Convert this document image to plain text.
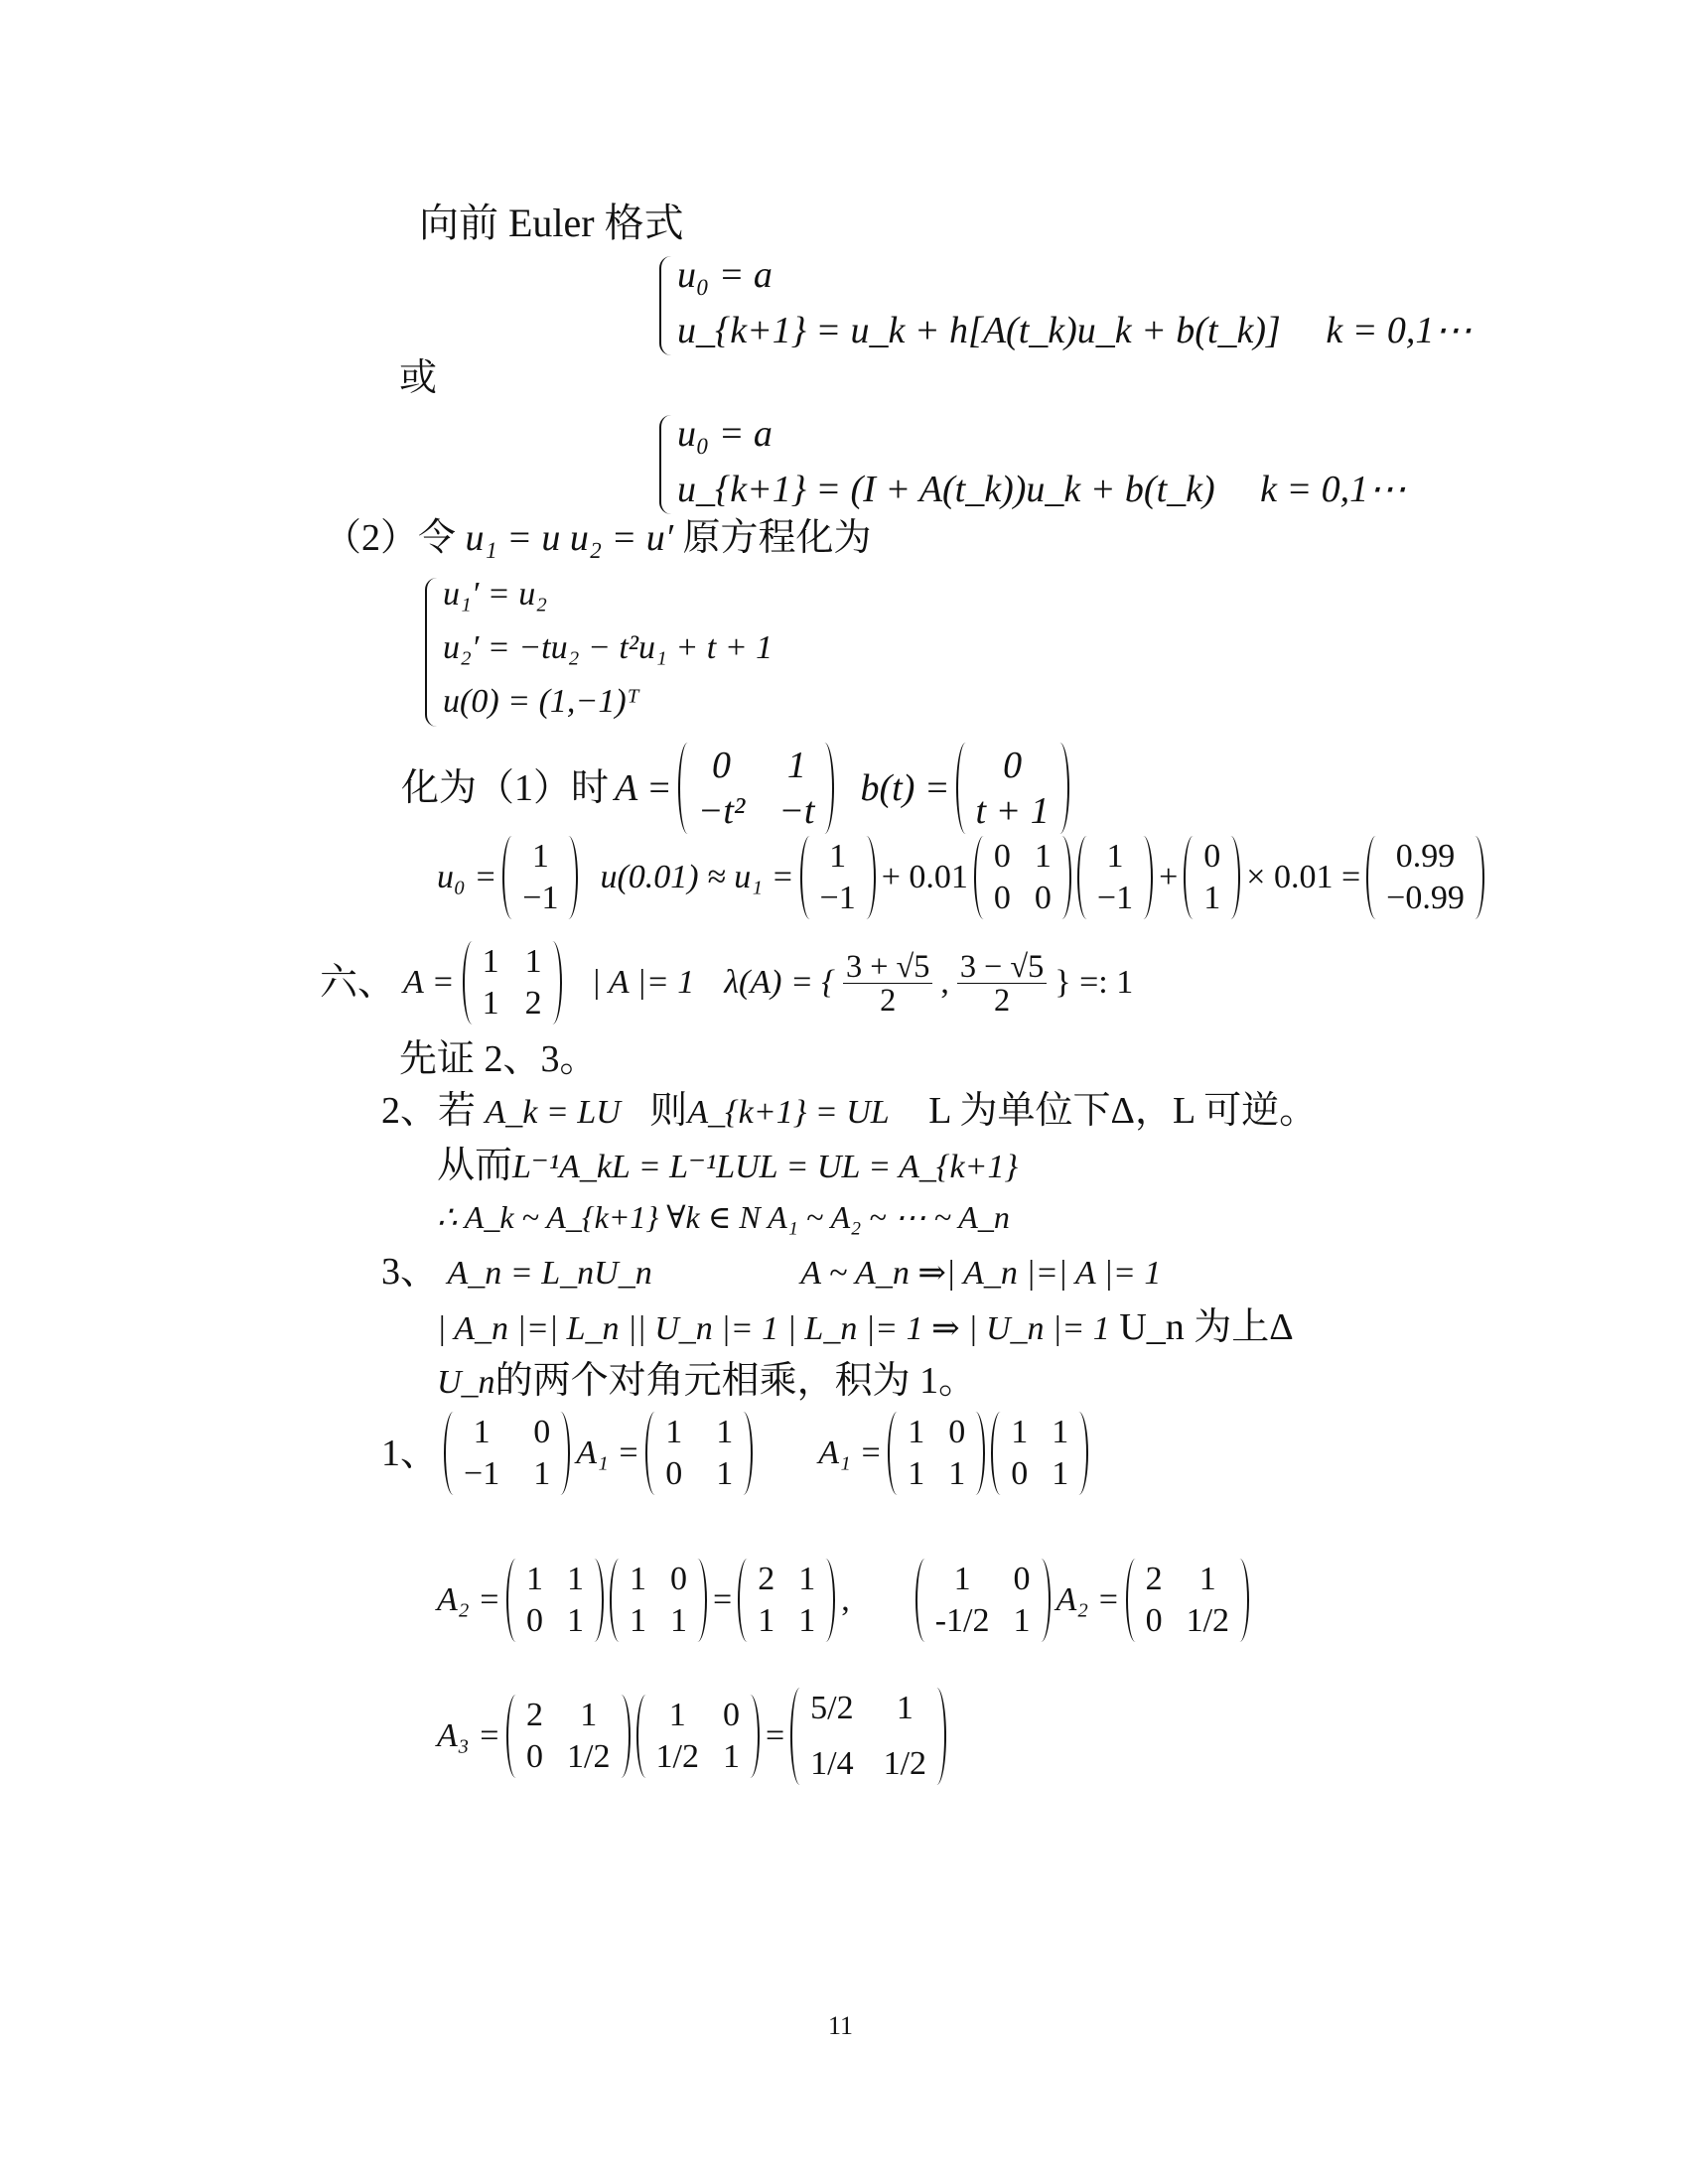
向前 Euler 格式
u₀ = a
u_{k+1} = u_k + h[A(t_k)u_k + b(t_k)] k = 0,1⋯
或
u₀ = a
u_{k+1} = (I + A(t_k))u_k + b(t_k) k = 0,1⋯
（2）令 u₁ = u u₂ = u′ 原方程化为
u₁′ = u₂
u₂′ = −tu₂ − t²u₁ + t + 1
u(0) = (1,−1)ᵀ
化为（1）时 A =
0	1
−t² −t
b(t) =
0
t + 1
u₀ =
1
−1
u(0.01) ≈ u₁ =
1
−1
+ 0.01
0 1
0 0
1
−1
+
0
1
× 0.01 =
0.99
−0.99
六、 A =
1 1
1 2
| A |= 1 λ(A) = { $\frac{3 + √5}{2}$ , $\frac{3 - √5}{2}$ } =: 1
先证 2、3。
2、若 A_k = LU 则A_{k+1} = UL L 为单位下Δ，L 可逆。
从而L⁻¹A_kL = L⁻¹LUL = UL = A_{k+1}
∴ A_k ~ A_{k+1} ∀k ∈ N A₁ ~ A₂ ~ ⋯ ~ A_n
3、 A_n = L_nU_n	A ~ A_n ⇒| A_n |=| A |= 1
| A_n |=| L_n || U_n |= 1 | L_n |= 1 ⇒ | U_n |= 1 U_n 为上Δ
U_n的两个对角元相乘，积为 1。
1、
1 0
−1 1
A₁ =
1 1
0 1
A₁ =
1 0
1 1
1 1
0 1
A₂ =
1 1
0 1
1 0
1 1
=
2 1
1 1
,
1	0
-1/2 1
A₂ =
2	1
0 1/2
A₃ =
2	1
0 1/2
1	0
1/2 1
=
5/2	1
1/4 1/2
11
